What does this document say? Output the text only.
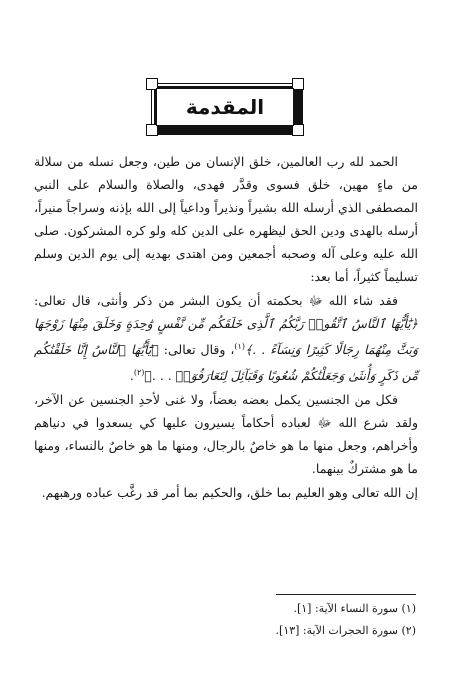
المقدمة

الحمد لله رب العالمين، خلق الإنسان من طين، وجعل نسله من سلالة من ماءٍ مهين، خلق فسوى وقدَّر فهدى، والصلاة والسلام على النبي المصطفى الذي أرسله الله بشيراً ونذيراً وداعياً إلى الله بإذنه وسراجاً منيراً، أرسله بالهدى ودين الحق ليظهره على الدين كله ولو كره المشركون. صلى الله عليه وعلى آله وصحبه أجمعين ومن اهتدى بهديه إلى يوم الدين وسلم تسليماً كثيراً، أما بعد:

فقد شاء الله ﷻ بحكمته أن يكون البشر من ذكر وأنثى، قال تعالى: ﴿يَٰٓأَيُّهَا ٱلنَّاسُ ٱتَّقُوا۟ رَبَّكُمُ ٱلَّذِى خَلَقَكُم مِّن نَّفْسٍ وَٰحِدَةٍ وَخَلَقَ مِنْهَا زَوْجَهَا وَبَثَّ مِنْهُمَا رِجَالًا كَثِيرًا وَنِسَآءً . .﴾$^{(١)}$، وقال تعالى: ﴿يَٰٓأَيُّهَا ٱلنَّاسُ إِنَّا خَلَقْنَٰكُم مِّن ذَكَرٍ وَأُنثَىٰ وَجَعَلْنَٰكُمْ شُعُوبًا وَقَبَآئِلَ لِتَعَارَفُوٓا۟ . . .﴾$^{(٢)}$.

فكل من الجنسين يكمل بعضه بعضاً، ولا غنى لأحدِ الجنسين عن الآخر، ولقد شرع الله ﷻ لعباده أحكاماً يسيرون عليها كي يسعدوا في دنياهم وأخراهم، وجعل منها ما هو خاصٌ بالرجال، ومنها ما هو خاصٌ بالنساء، ومنها ما هو مشتركٌ بينهما.

إن الله تعالى وهو العليم بما خلق، والحكيم بما أمر قد رغَّب عباده ورهبهم.

(١) سورة النساء الآية: [١].
(٢) سورة الحجرات الآية: [١٣].
